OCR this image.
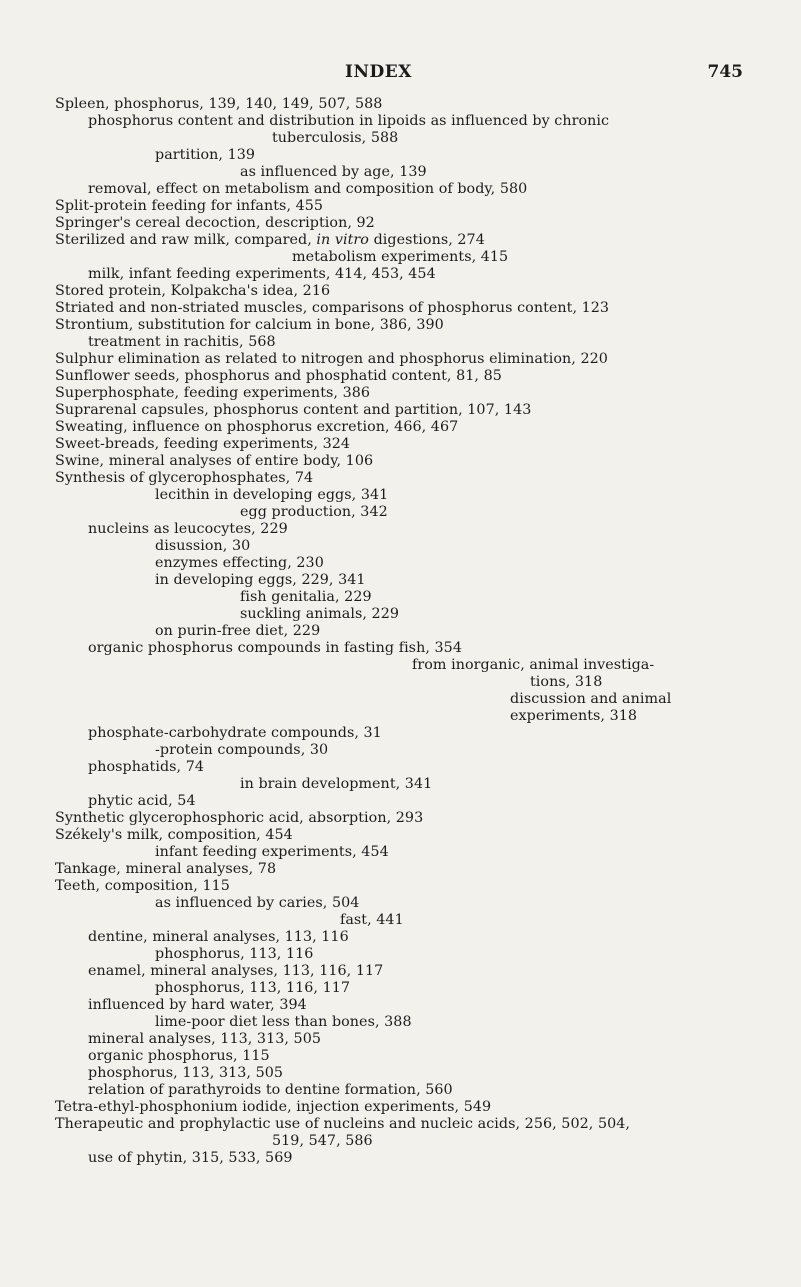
INDEX	745
Spleen, phosphorus, 139, 140, 149, 507, 588
phosphorus content and distribution in lipoids as influenced by chronic
tuberculosis, 588
partition, 139
as influenced by age, 139
removal, effect on metabolism and composition of body, 580
Split-protein feeding for infants, 455
Springer's cereal decoction, description, 92
Sterilized and raw milk, compared, in vitro digestions, 274
metabolism experiments, 415
milk, infant feeding experiments, 414, 453, 454
Stored protein, Kolpakcha's idea, 216
Striated and non-striated muscles, comparisons of phosphorus content, 123
Strontium, substitution for calcium in bone, 386, 390
treatment in rachitis, 568
Sulphur elimination as related to nitrogen and phosphorus elimination, 220
Sunflower seeds, phosphorus and phosphatid content, 81, 85
Superphosphate, feeding experiments, 386
Suprarenal capsules, phosphorus content and partition, 107, 143
Sweating, influence on phosphorus excretion, 466, 467
Sweet-breads, feeding experiments, 324
Swine, mineral analyses of entire body, 106
Synthesis of glycerophosphates, 74
lecithin in developing eggs, 341
egg production, 342
nucleins as leucocytes, 229
disussion, 30
enzymes effecting, 230
in developing eggs, 229, 341
fish genitalia, 229
suckling animals, 229
on purin-free diet, 229
organic phosphorus compounds in fasting fish, 354
from inorganic, animal investiga-
tions, 318
discussion and animal
experiments, 318
phosphate-carbohydrate compounds, 31
-protein compounds, 30
phosphatids, 74
in brain development, 341
phytic acid, 54
Synthetic glycerophosphoric acid, absorption, 293
Székely's milk, composition, 454
infant feeding experiments, 454
Tankage, mineral analyses, 78
Teeth, composition, 115
as influenced by caries, 504
fast, 441
dentine, mineral analyses, 113, 116
phosphorus, 113, 116
enamel, mineral analyses, 113, 116, 117
phosphorus, 113, 116, 117
influenced by hard water, 394
lime-poor diet less than bones, 388
mineral analyses, 113, 313, 505
organic phosphorus, 115
phosphorus, 113, 313, 505
relation of parathyroids to dentine formation, 560
Tetra-ethyl-phosphonium iodide, injection experiments, 549
Therapeutic and prophylactic use of nucleins and nucleic acids, 256, 502, 504,
519, 547, 586
use of phytin, 315, 533, 569
